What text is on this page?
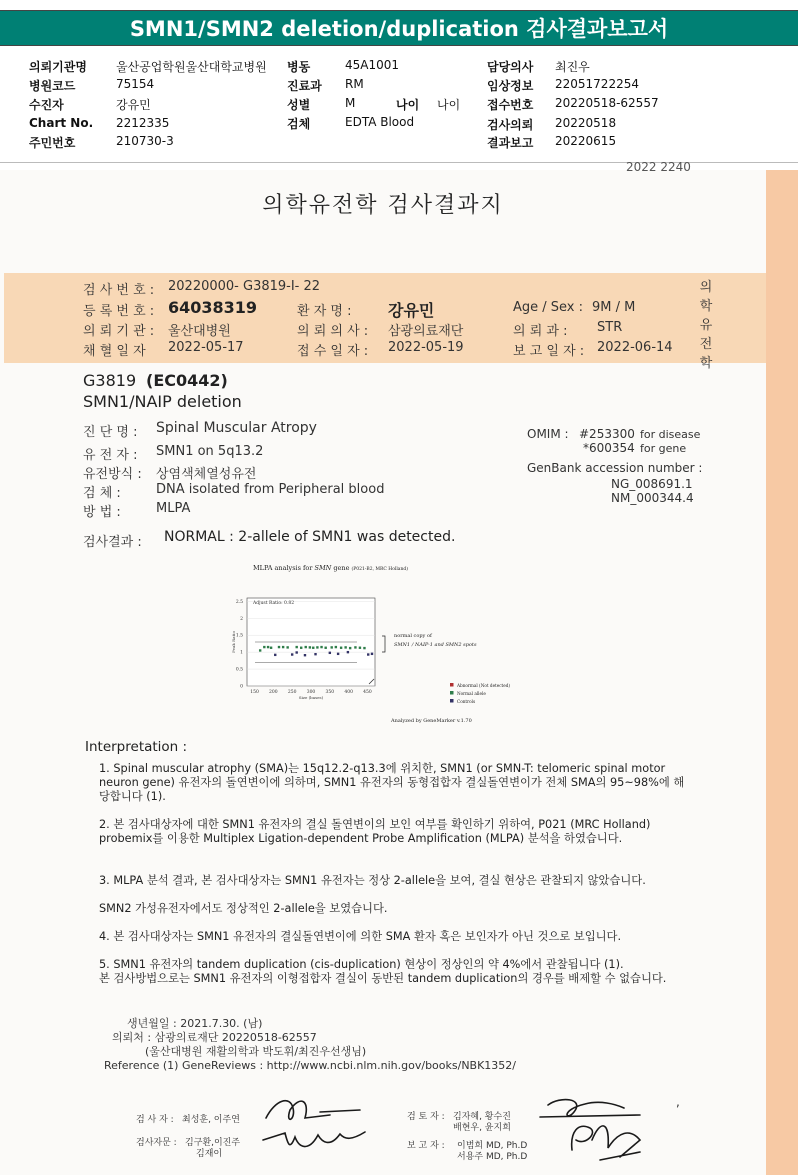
SMN1/SMN2 deletion/duplication 검사결과보고서
의뢰기관명 울산공업학원울산대학교병원
병원코드	75154
수진자	강유민
Chart No. 2212335
주민번호	210730-3
병동	45A1001
진료과 RM
성별	M
검체	EDTA Blood
나이 나이
담당의사 최진우
임상정보 22051722254
접수번호 20220518-62557
검사의뢰 20220518
결과보고 20220615
2022 2240
의학유전학 검사결과지
의학유전학
검 사 번 호 : 20220000- G3819-I- 22
등 록 번 호 : 64038319	환 자 명 : 강유민	Age / Sex : 9M / M
의 뢰 기 관 : 울산대병원	의 뢰 의 사 : 삼광의료재단	의 뢰 과 : STR
채 혈 일 자 2022-05-17	접 수 일 자 : 2022-05-19	보 고 일 자 : 2022-06-14
G3819 (EC0442)
SMN1/NAIP deletion
진 단 명 : Spinal Muscular Atropy
유 전 자 : SMN1 on 5q13.2
유전방식 : 상염색체열성유전
검 체 :	DNA isolated from Peripheral blood
방 법 :	MLPA
OMIM : #253300 for disease
*600354 for gene
GenBank accession number :
NG_008691.1
NM_000344.4
검사결과 : NORMAL : 2-allele of SMN1 was detected.
MLPA analysis for SMN gene (P021-B2, MRC Holland)
0
0.5
1
1.5
2
2.5
150 200 250 300 350 400 450
Adjust Ratio: 0.82
Size (bases)
Peak Ratio	normal copy of
SMN1 / NAIP-1 and SMN2 spots
Abnormal (Not detected)
Normal allele
Controls
Analyzed by GeneMarker v.1.70
Interpretation :
1. Spinal muscular atrophy (SMA)는 15q12.2-q13.3에 위치한, SMN1 (or SMN-T: telomeric spinal motor neuron gene) 유전자의 돌연변이에 의하며, SMN1 유전자의 동형접합자 결실돌연변이가 전체 SMA의 95~98%에 해당합니다 (1).
2. 본 검사대상자에 대한 SMN1 유전자의 결실 돌연변이의 보인 여부를 확인하기 위하여, P021 (MRC Holland) probemix를 이용한 Multiplex Ligation-dependent Probe Amplification (MLPA) 분석을 하였습니다.
3. MLPA 분석 결과, 본 검사대상자는 SMN1 유전자는 정상 2-allele을 보여, 결실 현상은 관찰되지 않았습니다.
SMN2 가성유전자에서도 정상적인 2-allele을 보였습니다.
4. 본 검사대상자는 SMN1 유전자의 결실돌연변이에 의한 SMA 환자 혹은 보인자가 아닌 것으로 보입니다.
5. SMN1 유전자의 tandem duplication (cis-duplication) 현상이 정상인의 약 4%에서 관찰됩니다 (1).
본 검사방법으로는 SMN1 유전자의 이형접합자 결실이 동반된 tandem duplication의 경우를 배제할 수 없습니다.
생년월일 : 2021.7.30. (남)
의뢰처 : 삼광의료재단 20220518-62557
(울산대병원 재활의학과 박도휘/최진우선생님)
Reference (1) GeneReviews : http://www.ncbi.nlm.nih.gov/books/NBK1352/
검 사 자 : 최성훈, 이주연
검사자문 : 김구환,이진주
김재이
검 토 자 : 김자혜, 황수진
배현우, 윤지희
보 고 자 : 이범희 MD, Ph.D
서용주 MD, Ph.D
,
